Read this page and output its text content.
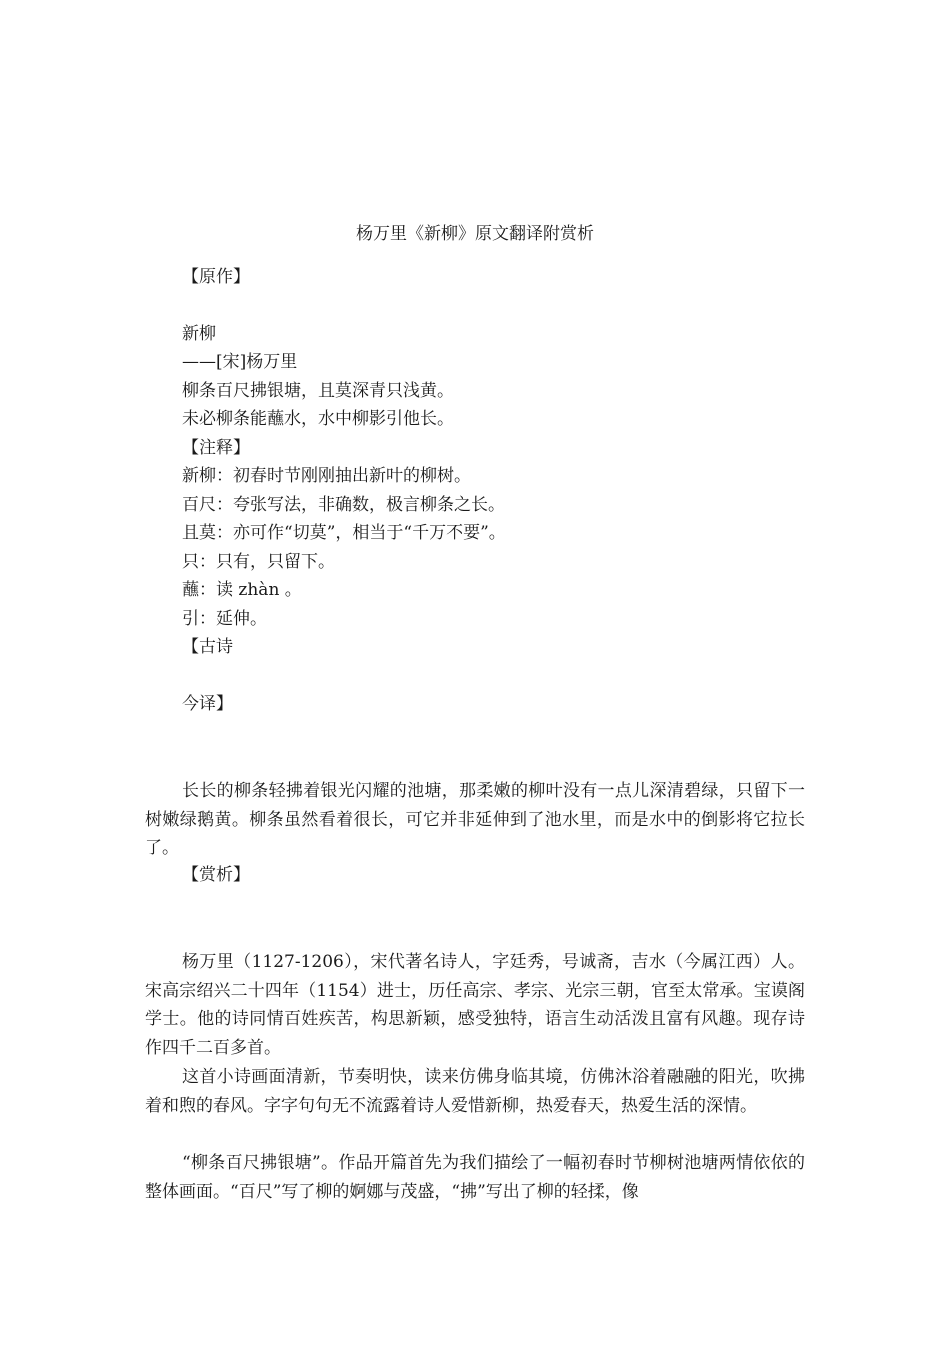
杨万里《新柳》原文翻译附赏析

【原作】

新柳

——[宋]杨万里

柳条百尺拂银塘，且莫深青只浅黄。

未必柳条能蘸水，水中柳影引他长。

【注释】

新柳：初春时节刚刚抽出新叶的柳树。

百尺：夸张写法，非确数，极言柳条之长。

且莫：亦可作“切莫”，相当于“千万不要”。

只：只有，只留下。

蘸：读 zhàn 。

引：延伸。

【古诗

今译】

长长的柳条轻拂着银光闪耀的池塘，那柔嫩的柳叶没有一点儿深清碧绿，只留下一树嫩绿鹅黄。柳条虽然看着很长，可它并非延伸到了池水里，而是水中的倒影将它拉长了。

【赏析】

杨万里（1127-1206），宋代著名诗人，字廷秀，号诚斋，吉水（今属江西）人。宋高宗绍兴二十四年（1154）进士，历任高宗、孝宗、光宗三朝，官至太常承。宝谟阁学士。他的诗同情百姓疾苦，构思新颖，感受独特，语言生动活泼且富有风趣。现存诗作四千二百多首。

这首小诗画面清新，节奏明快，读来仿佛身临其境，仿佛沐浴着融融的阳光，吹拂着和煦的春风。字字句句无不流露着诗人爱惜新柳，热爱春天，热爱生活的深情。

“柳条百尺拂银塘”。作品开篇首先为我们描绘了一幅初春时节柳树池塘两情依依的整体画面。“百尺”写了柳的婀娜与茂盛，“拂”写出了柳的轻揉，像
